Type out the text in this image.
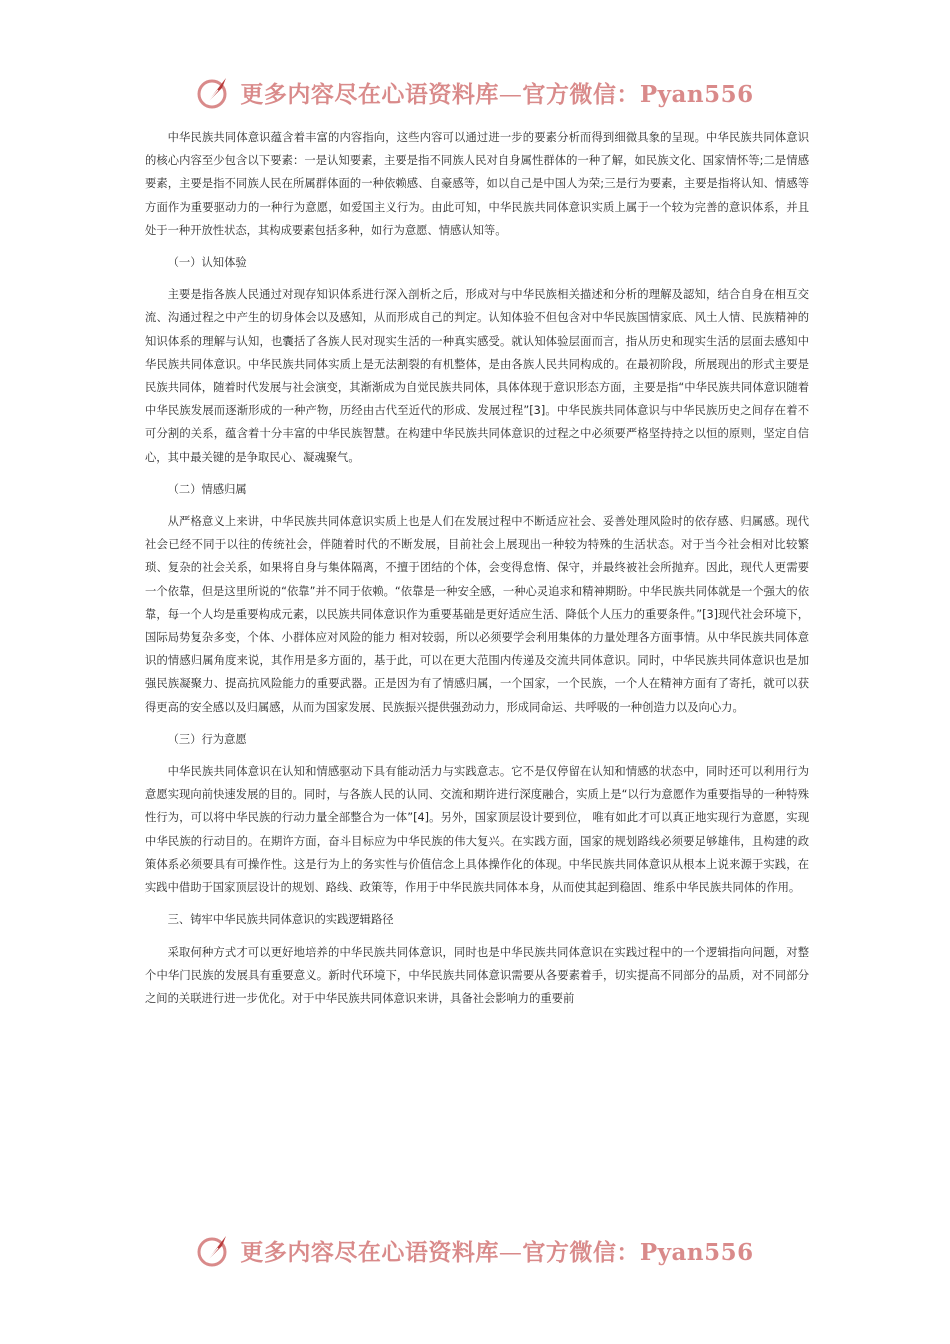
更多内容尽在心语资料库—官方微信：Pyan556

中华民族共同体意识蕴含着丰富的内容指向，这些内容可以通过进一步的要素分析而得到细微具象的呈现。中华民族共同体意识的核心内容至少包含以下要素：一是认知要素，主要是指不同族人民对自身属性群体的一种了解，如民族文化、国家情怀等;二是情感要素，主要是指不同族人民在所属群体面的一种依赖感、自豪感等，如以自己是中国人为荣;三是行为要素，主要是指将认知、情感等方面作为重要驱动力的一种行为意愿，如爱国主义行为。由此可知，中华民族共同体意识实质上属于一个较为完善的意识体系，并且处于一种开放性状态，其构成要素包括多种，如行为意愿、情感认知等。

（一）认知体验

主要是指各族人民通过对现存知识体系进行深入剖析之后，形成对与中华民族相关描述和分析的理解及認知，结合自身在相互交流、沟通过程之中产生的切身体会以及感知，从而形成自己的判定。认知体验不但包含对中华民族国情家底、风土人情、民族精神的知识体系的理解与认知，也囊括了各族人民对现实生活的一种真实感受。就认知体验层面而言，指从历史和现实生活的层面去感知中华民族共同体意识。中华民族共同体实质上是无法割裂的有机整体，是由各族人民共同构成的。在最初阶段，所展现出的形式主要是民族共同体，随着时代发展与社会演变，其渐渐成为自觉民族共同体，具体体现于意识形态方面，主要是指“中华民族共同体意识随着中华民族发展而逐渐形成的一种产物，历经由古代至近代的形成、发展过程”[3]。中华民族共同体意识与中华民族历史之间存在着不可分割的关系，蕴含着十分丰富的中华民族智慧。在构建中华民族共同体意识的过程之中必须要严格坚持持之以恒的原则，坚定自信心，其中最关键的是争取民心、凝魂聚气。

（二）情感归属

从严格意义上来讲，中华民族共同体意识实质上也是人们在发展过程中不断适应社会、妥善处理风险时的依存感、归属感。现代社会已经不同于以往的传统社会，伴随着时代的不断发展，目前社会上展现出一种较为特殊的生活状态。对于当今社会相对比较繁琐、复杂的社会关系，如果将自身与集体隔离，不擅于团结的个体，会变得怠惰、保守，并最终被社会所抛弃。因此，现代人更需要一个依靠，但是这里所说的“依靠”并不同于依赖。“依靠是一种安全感，一种心灵追求和精神期盼。中华民族共同体就是一个强大的依靠，每一个人均是重要构成元素，以民族共同体意识作为重要基础是更好适应生活、降低个人压力的重要条件。”[3]现代社会环境下，国际局势复杂多变，个体、小群体应对风险的能力 相对较弱，所以必须要学会利用集体的力量处理各方面事情。从中华民族共同体意识的情感归属角度来说，其作用是多方面的，基于此，可以在更大范围内传递及交流共同体意识。同时，中华民族共同体意识也是加强民族凝聚力、提高抗风险能力的重要武器。正是因为有了情感归属，一个国家，一个民族，一个人在精神方面有了寄托，就可以获得更高的安全感以及归属感，从而为国家发展、民族振兴提供强劲动力，形成同命运、共呼吸的一种创造力以及向心力。

（三）行为意愿

中华民族共同体意识在认知和情感驱动下具有能动活力与实践意志。它不是仅停留在认知和情感的状态中，同时还可以利用行为意愿实现向前快速发展的目的。同时，与各族人民的认同、交流和期许进行深度融合，实质上是“以行为意愿作为重要指导的一种特殊性行为，可以将中华民族的行动力量全部整合为一体”[4]。另外，国家顶层设计要到位， 唯有如此才可以真正地实现行为意愿，实现中华民族的行动目的。在期许方面，奋斗目标应为中华民族的伟大复兴。在实践方面，国家的规划路线必须要足够雄伟，且构建的政策体系必须要具有可操作性。这是行为上的务实性与价值信念上具体操作化的体现。中华民族共同体意识从根本上说来源于实践，在实践中借助于国家顶层设计的规划、路线、政策等，作用于中华民族共同体本身，从而使其起到稳固、维系中华民族共同体的作用。

三、铸牢中华民族共同体意识的实践逻辑路径

采取何种方式才可以更好地培养的中华民族共同体意识，同时也是中华民族共同体意识在实践过程中的一个逻辑指向问题，对整个中华门民族的发展具有重要意义。新时代环境下，中华民族共同体意识需要从各要素着手，切实提高不同部分的品质，对不同部分之间的关联进行进一步优化。对于中华民族共同体意识来讲，具备社会影响力的重要前

更多内容尽在心语资料库—官方微信：Pyan556
